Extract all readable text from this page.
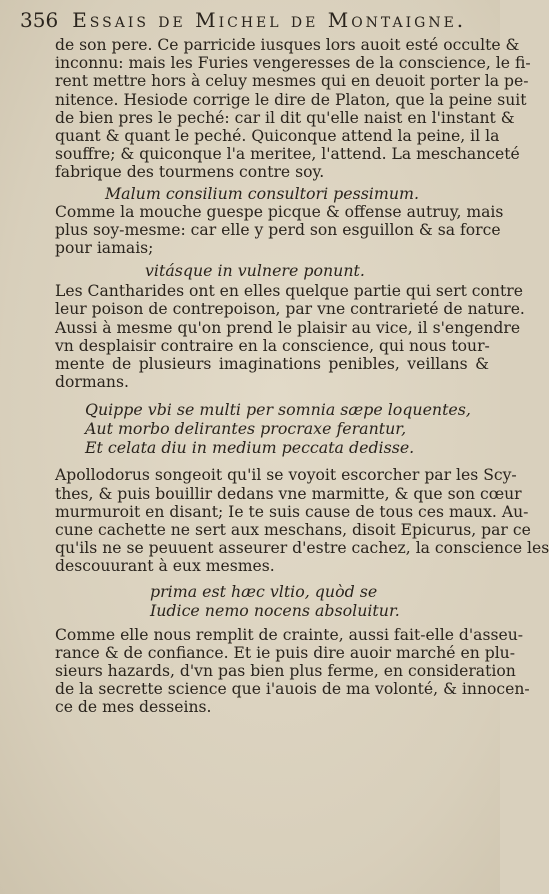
356 Essais de Michel de Montaigne.
de son pere. Ce parricide iusques lors auoit esté occulte &
inconnu: mais les Furies vengeresses de la conscience, le fi-
rent mettre hors à celuy mesmes qui en deuoit porter la pe-
nitence. Hesiode corrige le dire de Platon, que la peine suit
de bien pres le peché: car il dit qu'elle naist en l'instant &
quant & quant le peché. Quiconque attend la peine, il la
souffre; & quiconque l'a meritee, l'attend. La meschanceté
fabrique des tourmens contre soy.
Malum consilium consultori pessimum.
Comme la mouche guespe picque & offense autruy, mais
plus soy-mesme: car elle y perd son esguillon & sa force
pour iamais;
vitásque in vulnere ponunt.
Les Cantharides ont en elles quelque partie qui sert contre
leur poison de contrepoison, par vne contrarieté de nature.
Aussi à mesme qu'on prend le plaisir au vice, il s'engendre
vn desplaisir contraire en la conscience, qui nous tour-
mente de plusieurs imaginations penibles, veillans &
dormans.
Quippe vbi se multi per somnia sæpe loquentes,
Aut morbo delirantes procraxe ferantur,
Et celata diu in medium peccata dedisse.
Apollodorus songeoit qu'il se voyoit escorcher par les Scy-
thes, & puis bouillir dedans vne marmitte, & que son cœur
murmuroit en disant; Ie te suis cause de tous ces maux. Au-
cune cachette ne sert aux meschans, disoit Epicurus, par ce
qu'ils ne se peuuent asseurer d'estre cachez, la conscience les
descouurant à eux mesmes.
prima est hæc vltio, quòd se
Iudice nemo nocens absoluitur.
Comme elle nous remplit de crainte, aussi fait-elle d'asseu-
rance & de confiance. Et ie puis dire auoir marché en plu-
sieurs hazards, d'vn pas bien plus ferme, en consideration
de la secrette science que i'auois de ma volonté, & innocen-
ce de mes desseins.
